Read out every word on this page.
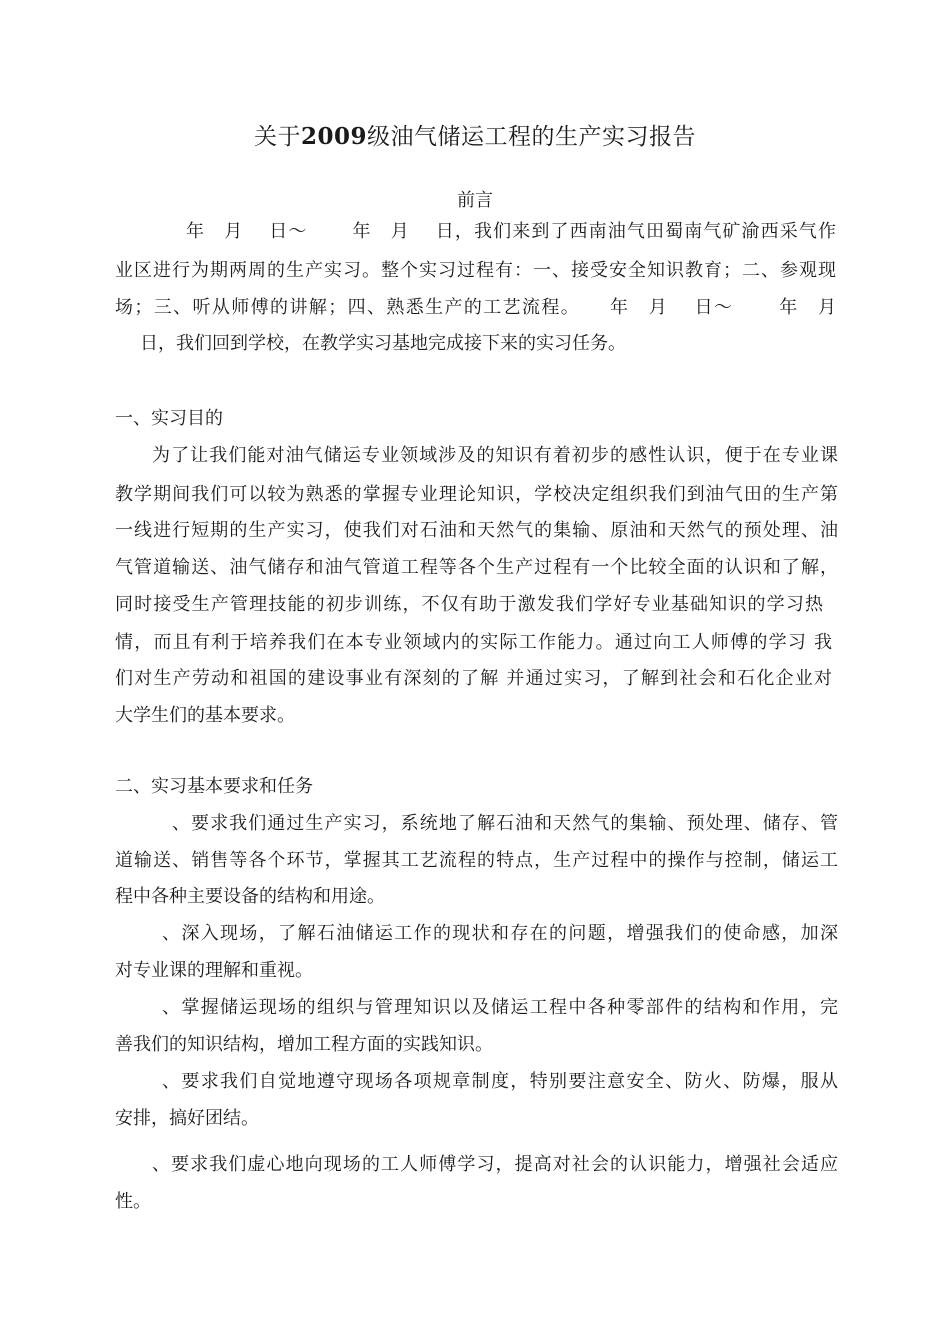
关于2009级油气储运工程的生产实习报告
前言
年　月　 日～　　 年　月　 日，我们来到了西南油气田蜀南气矿渝西采气作
业区进行为期两周的生产实习。整个实习过程有：一、接受安全知识教育；二、参观现
场；三、听从师傅的讲解；四、熟悉生产的工艺流程。　　年　月　 日～　　 年　月
日，我们回到学校，在教学实习基地完成接下来的实习任务。
一、实习目的
为了让我们能对油气储运专业领域涉及的知识有着初步的感性认识，便于在专业课
教学期间我们可以较为熟悉的掌握专业理论知识，学校决定组织我们到油气田的生产第
一线进行短期的生产实习，使我们对石油和天然气的集输、原油和天然气的预处理、油
气管道输送、油气储存和油气管道工程等各个生产过程有一个比较全面的认识和了解，
同时接受生产管理技能的初步训练，不仅有助于激发我们学好专业基础知识的学习热
情，而且有利于培养我们在本专业领域内的实际工作能力。通过向工人师傅的学习 我
们对生产劳动和祖国的建设事业有深刻的了解 并通过实习，了解到社会和石化企业对
大学生们的基本要求。
二、实习基本要求和任务
、要求我们通过生产实习，系统地了解石油和天然气的集输、预处理、储存、管
道输送、销售等各个环节，掌握其工艺流程的特点，生产过程中的操作与控制，储运工
程中各种主要设备的结构和用途。
、深入现场，了解石油储运工作的现状和存在的问题，增强我们的使命感，加深
对专业课的理解和重视。
、掌握储运现场的组织与管理知识以及储运工程中各种零部件的结构和作用，完
善我们的知识结构，增加工程方面的实践知识。
、要求我们自觉地遵守现场各项规章制度，特别要注意安全、防火、防爆，服从
安排，搞好团结。
、要求我们虚心地向现场的工人师傅学习，提高对社会的认识能力，增强社会适应
性。
